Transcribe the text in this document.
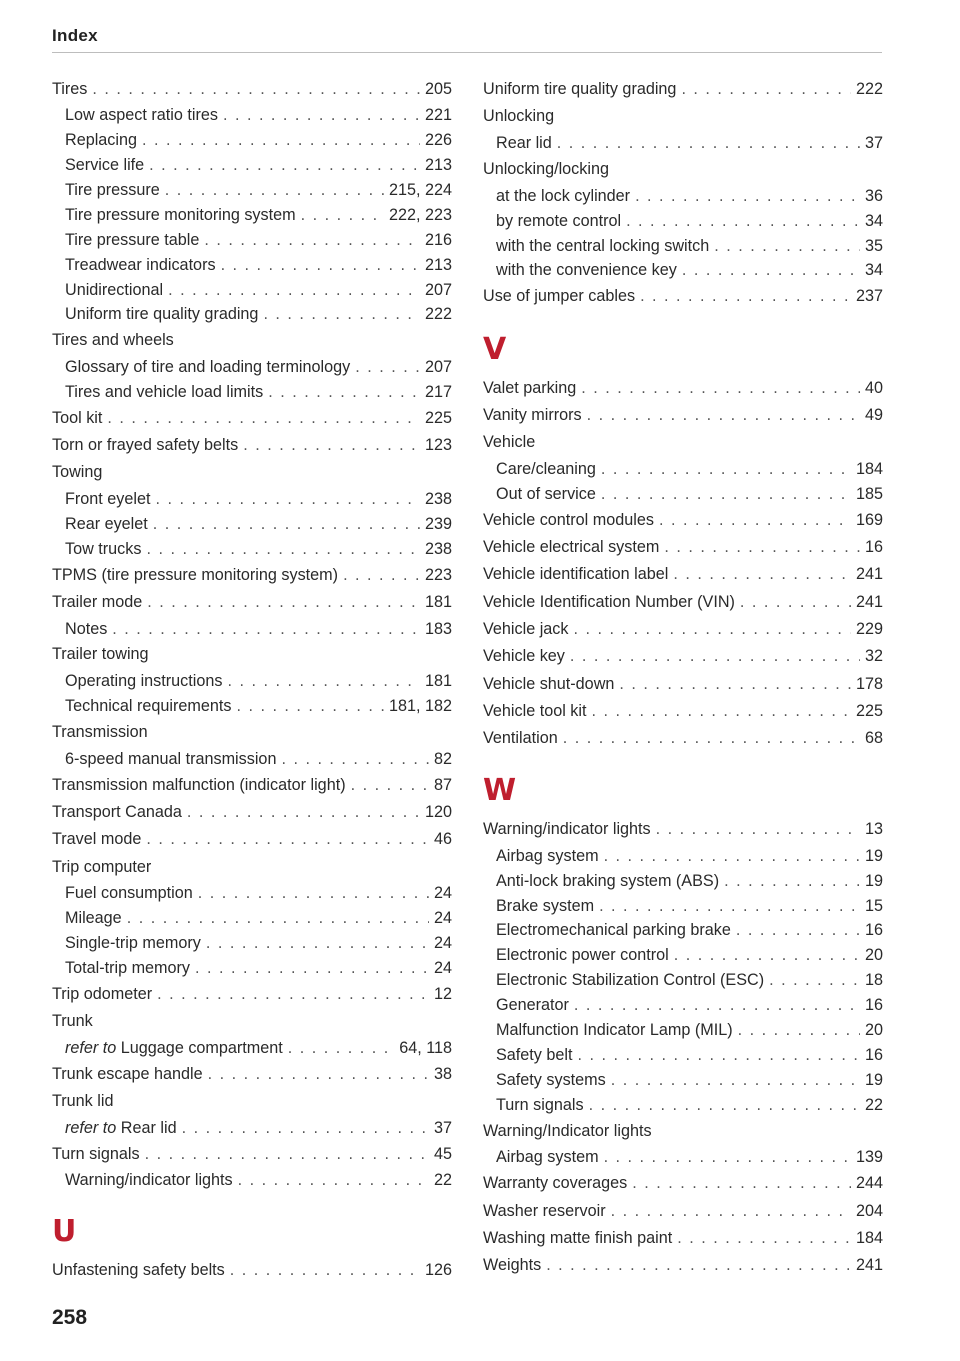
Index
Tires . . .	205
Low aspect ratio tires . . .	221
Replacing . . .	226
Service life . . .	213
Tire pressure . . .	215, 224
Tire pressure monitoring system . . .	222, 223
Tire pressure table . . .	216
Treadwear indicators . . .	213
Unidirectional . . .	207
Uniform tire quality grading . . .	222
Tires and wheels
Glossary of tire and loading terminology . . .	207
Tires and vehicle load limits . . .	217
Tool kit . . .	225
Torn or frayed safety belts . . .	123
Towing
Front eyelet . . .	238
Rear eyelet . . .	239
Tow trucks . . .	238
TPMS (tire pressure monitoring system) . . .	223
Trailer mode . . .	181
Notes . . .	183
Trailer towing
Operating instructions . . .	181
Technical requirements . . .	181, 182
Transmission
6-speed manual transmission . . .	82
Transmission malfunction (indicator light) . . .	87
Transport Canada . . .	120
Travel mode . . .	46
Trip computer
Fuel consumption . . .	24
Mileage . . .	24
Single-trip memory . . .	24
Total-trip memory . . .	24
Trip odometer . . .	12
Trunk
refer to Luggage compartment . . .	64, 118
Trunk escape handle . . .	38
Trunk lid
refer to Rear lid . . .	37
Turn signals . . .	45
Warning/indicator lights . . .	22
U
Unfastening safety belts . . .	126
Uniform tire quality grading . . .	222
Unlocking
Rear lid . . .	37
Unlocking/locking
at the lock cylinder . . .	36
by remote control . . .	34
with the central locking switch . . .	35
with the convenience key . . .	34
Use of jumper cables . . .	237
V
Valet parking . . .	40
Vanity mirrors . . .	49
Vehicle
Care/cleaning . . .	184
Out of service . . .	185
Vehicle control modules . . .	169
Vehicle electrical system . . .	16
Vehicle identification label . . .	241
Vehicle Identification Number (VIN) . . .	241
Vehicle jack . . .	229
Vehicle key . . .	32
Vehicle shut-down . . .	178
Vehicle tool kit . . .	225
Ventilation . . .	68
W
Warning/indicator lights . . .	13
Airbag system . . .	19
Anti-lock braking system (ABS) . . .	19
Brake system . . .	15
Electromechanical parking brake . . .	16
Electronic power control . . .	20
Electronic Stabilization Control (ESC) . . .	18
Generator . . .	16
Malfunction Indicator Lamp (MIL) . . .	20
Safety belt . . .	16
Safety systems . . .	19
Turn signals . . .	22
Warning/Indicator lights
Airbag system . . .	139
Warranty coverages . . .	244
Washer reservoir . . .	204
Washing matte finish paint . . .	184
Weights . . .	241
258
